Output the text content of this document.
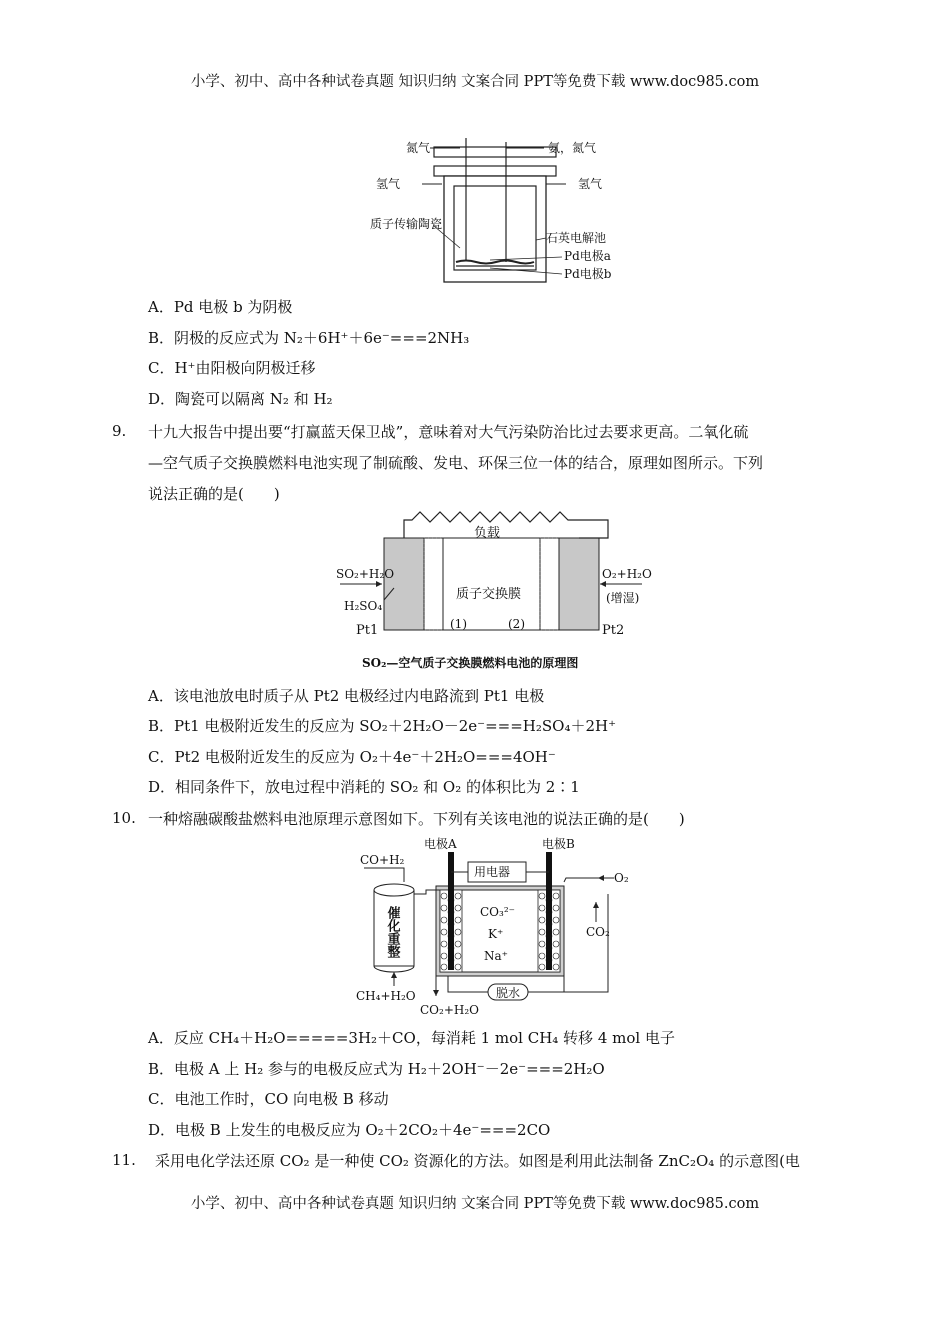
小学、初中、高中各种试卷真题 知识归纳 文案合同 PPT等免费下载 www.doc985.com
氮气	氨，氮气
氢气	氢气
质子传输陶瓷
石英电解池
Pd电极a
Pd电极b
A．Pd 电极 b 为阴极
B．阴极的反应式为 N₂＋6H⁺＋6e⁻===2NH₃
C．H⁺由阳极向阴极迁移
D．陶瓷可以隔离 N₂ 和 H₂
9. 十九大报告中提出要“打赢蓝天保卫战”，意味着对大气污染防治比过去要求更高。二氧化硫
—空气质子交换膜燃料电池实现了制硫酸、发电、环保三位一体的结合，原理如图所示。下列
说法正确的是(　　)
负载
SO₂+H₂O
H₂SO₄
Pt1
O₂+H₂O
(增湿)
Pt2
质子交换膜
(1)	(2)
SO₂—空气质子交换膜燃料电池的原理图
A．该电池放电时质子从 Pt2 电极经过内电路流到 Pt1 电极
B．Pt1 电极附近发生的反应为 SO₂＋2H₂O－2e⁻===H₂SO₄＋2H⁺
C．Pt2 电极附近发生的反应为 O₂＋4e⁻＋2H₂O===4OH⁻
D．相同条件下，放电过程中消耗的 SO₂ 和 O₂ 的体积比为 2∶1
10. 一种熔融碳酸盐燃料电池原理示意图如下。下列有关该电池的说法正确的是(　　)
电极A	电极B
用电器
CO+H₂
O₂
CO₂
催化重整
CH₄+H₂O
CO₂+H₂O
脱水
CO₃²⁻
K⁺
Na⁺
A．反应 CH₄＋H₂O=====3H₂＋CO，每消耗 1 mol CH₄ 转移 4 mol 电子
B．电极 A 上 H₂ 参与的电极反应式为 H₂＋2OH⁻－2e⁻===2H₂O
C．电池工作时，CO 向电极 B 移动
D．电极 B 上发生的电极反应为 O₂＋2CO₂＋4e⁻===2CO
11. 采用电化学法还原 CO₂ 是一种使 CO₂ 资源化的方法。如图是利用此法制备 ZnC₂O₄ 的示意图(电
小学、初中、高中各种试卷真题 知识归纳 文案合同 PPT等免费下载 www.doc985.com
